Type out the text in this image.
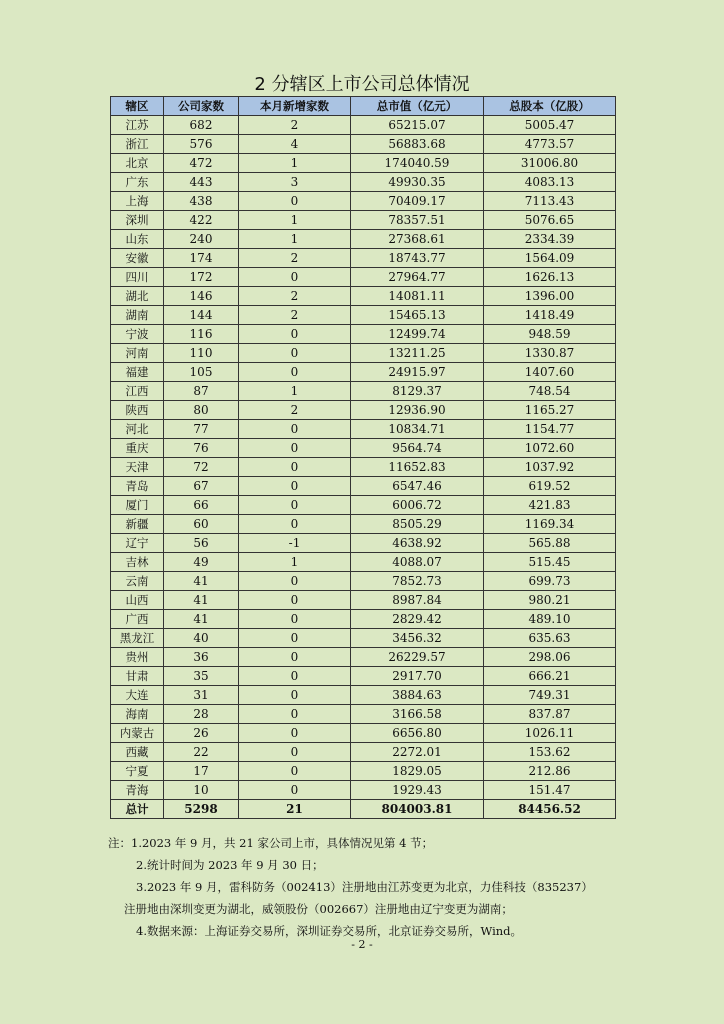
2 分辖区上市公司总体情况
辖区	公司家数	本月新增家数	总市值（亿元）	总股本（亿股）
江苏	682	2	65215.07	5005.47
浙江	576	4	56883.68	4773.57
北京	472	1	174040.59	31006.80
广东	443	3	49930.35	4083.13
上海	438	0	70409.17	7113.43
深圳	422	1	78357.51	5076.65
山东	240	1	27368.61	2334.39
安徽	174	2	18743.77	1564.09
四川	172	0	27964.77	1626.13
湖北	146	2	14081.11	1396.00
湖南	144	2	15465.13	1418.49
宁波	116	0	12499.74	948.59
河南	110	0	13211.25	1330.87
福建	105	0	24915.97	1407.60
江西	87	1	8129.37	748.54
陕西	80	2	12936.90	1165.27
河北	77	0	10834.71	1154.77
重庆	76	0	9564.74	1072.60
天津	72	0	11652.83	1037.92
青岛	67	0	6547.46	619.52
厦门	66	0	6006.72	421.83
新疆	60	0	8505.29	1169.34
辽宁	56	-1	4638.92	565.88
吉林	49	1	4088.07	515.45
云南	41	0	7852.73	699.73
山西	41	0	8987.84	980.21
广西	41	0	2829.42	489.10
黑龙江	40	0	3456.32	635.63
贵州	36	0	26229.57	298.06
甘肃	35	0	2917.70	666.21
大连	31	0	3884.63	749.31
海南	28	0	3166.58	837.87
内蒙古	26	0	6656.80	1026.11
西藏	22	0	2272.01	153.62
宁夏	17	0	1829.05	212.86
青海	10	0	1929.43	151.47
总计	5298	21	804003.81	84456.52

注：1.2023 年 9 月，共 21 家公司上市，具体情况见第 4 节；

2.统计时间为 2023 年 9 月 30 日；

3.2023 年 9 月，雷科防务（002413）注册地由江苏变更为北京，力佳科技（835237）

注册地由深圳变更为湖北，威领股份（002667）注册地由辽宁变更为湖南；

4.数据来源：上海证券交易所，深圳证券交易所，北京证券交易所，Wind。

- 2 -
